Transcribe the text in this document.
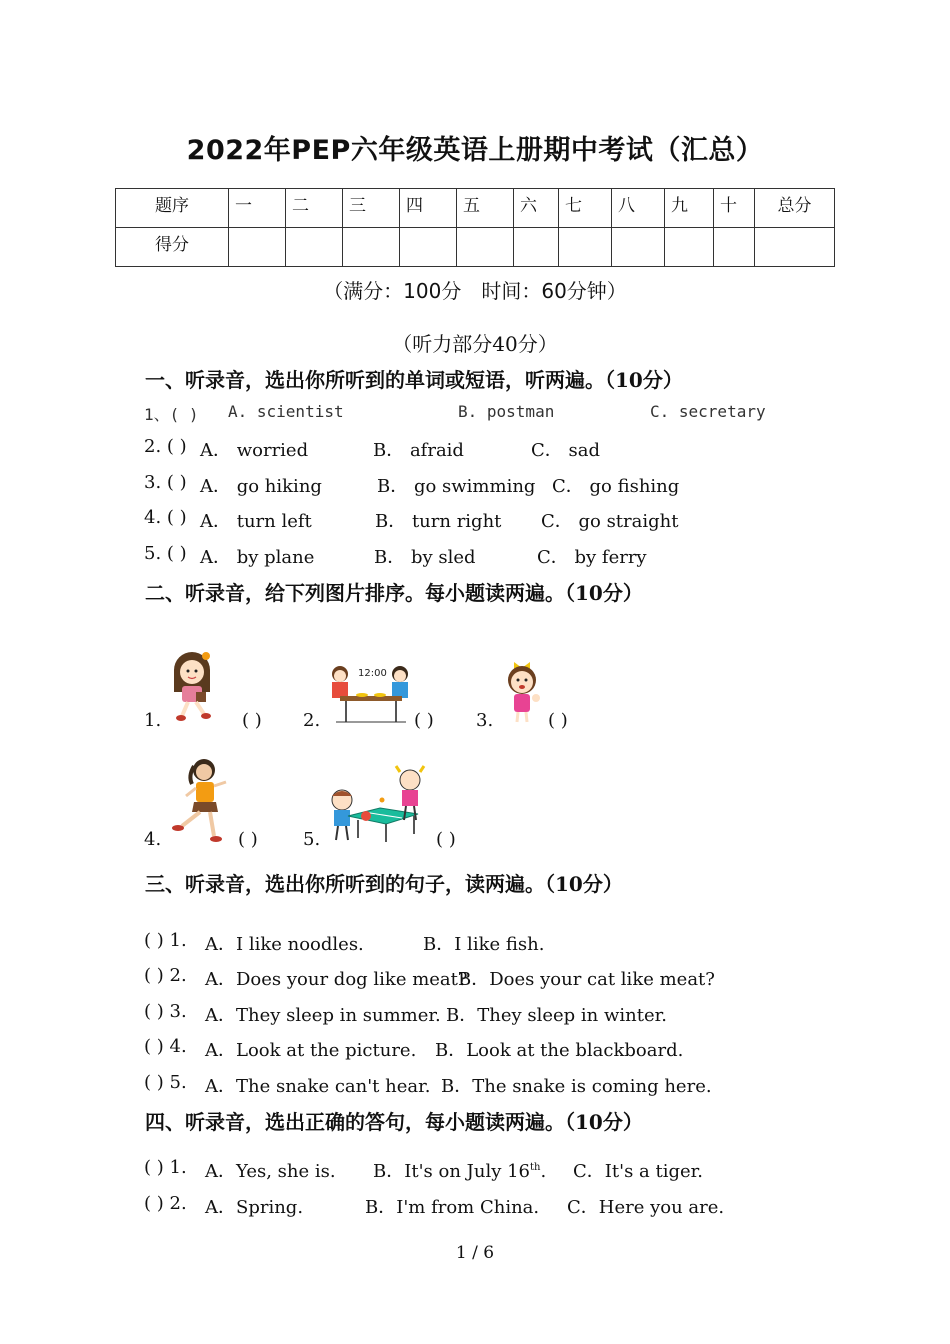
2022年PEP六年级英语上册期中考试（汇总）
题序	一	二	三	四	五	六	七	八	九	十	总分
得分											
（满分：100分　时间：60分钟）
（听力部分40分）
一、听录音，选出你所听到的单词或短语，听两遍。（10分）
1、( ) A. scientist	B. postman	C. secretary
2. ( ) A． worried	B． afraid	C． sad
3. ( ) A． go hiking	B． go swimming C． go fishing
4. ( ) A． turn left	B． turn right C． go straight
5. ( ) A． by plane	B． by sled	C． by ferry
二、听录音，给下列图片排序。每小题读两遍。（10分）
12:00
1.	( ) 2.	( ) 3.	( )
4.	( )	5.	( )
三、听录音，选出你所听到的句子，读两遍。（10分）
( ) 1. A．I like noodles.	B．I like fish.
( ) 2. A．Does your dog like meat?
B．Does your cat like meat?
( ) 3. A．They sleep in summer. B．They sleep in winter.
( ) 4. A．Look at the picture. B．Look at the blackboard.
( ) 5. A．The snake can't hear. B．The snake is coming here.
四、听录音，选出正确的答句，每小题读两遍。（10分）
( ) 1. A．Yes, she is. B．It's on July 16th. C．It's a tiger.
( ) 2. A．Spring.	B．I'm from China. C．Here you are.
1 / 6
